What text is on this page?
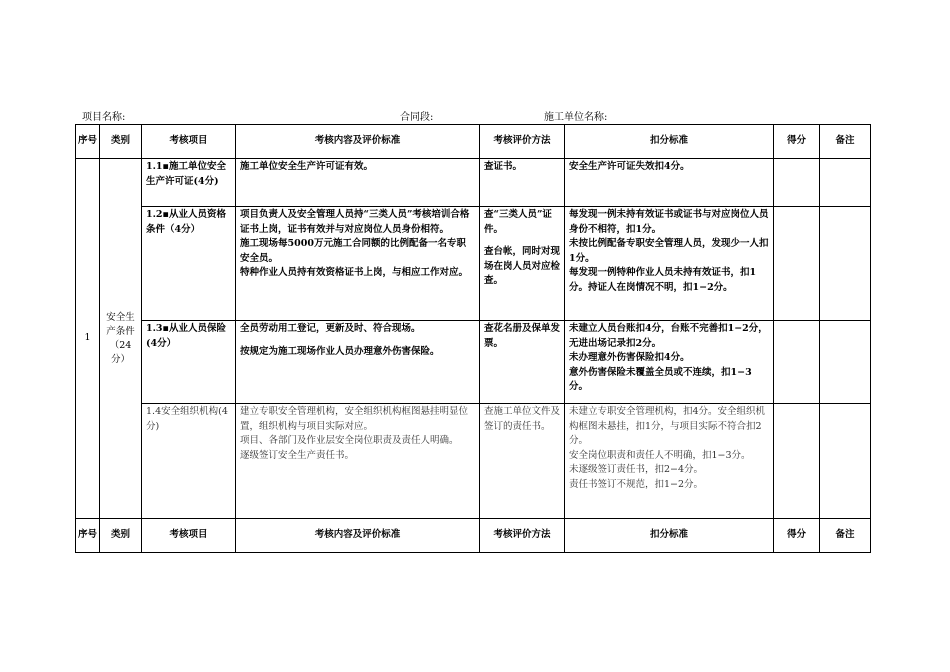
项目名称:	合同段:	施工单位名称:
序号	类别	考核项目	考核内容及评价标准	考核评价方法	扣分标准	得分	备注
1	安全生产条件（24分）	1.1▪施工单位安全生产许可证(4分)	施工单位安全生产许可证有效。	查证书。	安全生产许可证失效扣4分。		

		1.2▪从业人员资格条件（4分）	项目负责人及安全管理人员持“三类人员”考核培训合格证书上岗，证书有效并与对应岗位人员身份相符。
施工现场每5000万元施工合同额的比例配备一名专职安全员。
特种作业人员持有效资格证书上岗，与相应工作对应。	查“三类人员”证件。
查台帐，同时对现场在岗人员对应检查。	每发现一例未持有效证书或证书与对应岗位人员身份不相符，扣1分。
未按比例配备专职安全管理人员，发现少一人扣1分。
每发现一例特种作业人员未持有效证书，扣1分。持证人在岗情况不明，扣1−2分。		

		1.3▪从业人员保险(4分）	全员劳动用工登记，更新及时、符合现场。
按规定为施工现场作业人员办理意外伤害保险。	查花名册及保单发票。	未建立人员台账扣4分，台账不完善扣1−2分，无进出场记录扣2分。
未办理意外伤害保险扣4分。
意外伤害保险未覆盖全员或不连续，扣1−3分。		

		1.4安全组织机构(4分)	建立专职安全管理机构，安全组织机构框图悬挂明显位置，组织机构与项目实际对应。
项目、各部门及作业层安全岗位职责及责任人明确。
逐级签订安全生产责任书。	查施工单位文件及签订的责任书。	未建立专职安全管理机构，扣4分。安全组织机构框图未悬挂，扣1分，与项目实际不符合扣2分。
安全岗位职责和责任人不明确，扣1−3分。
未逐级签订责任书，扣2−4分。
责任书签订不规范，扣1−2分。		

序号	类别	考核项目	考核内容及评价标准	考核评价方法	扣分标准	得分	备注
